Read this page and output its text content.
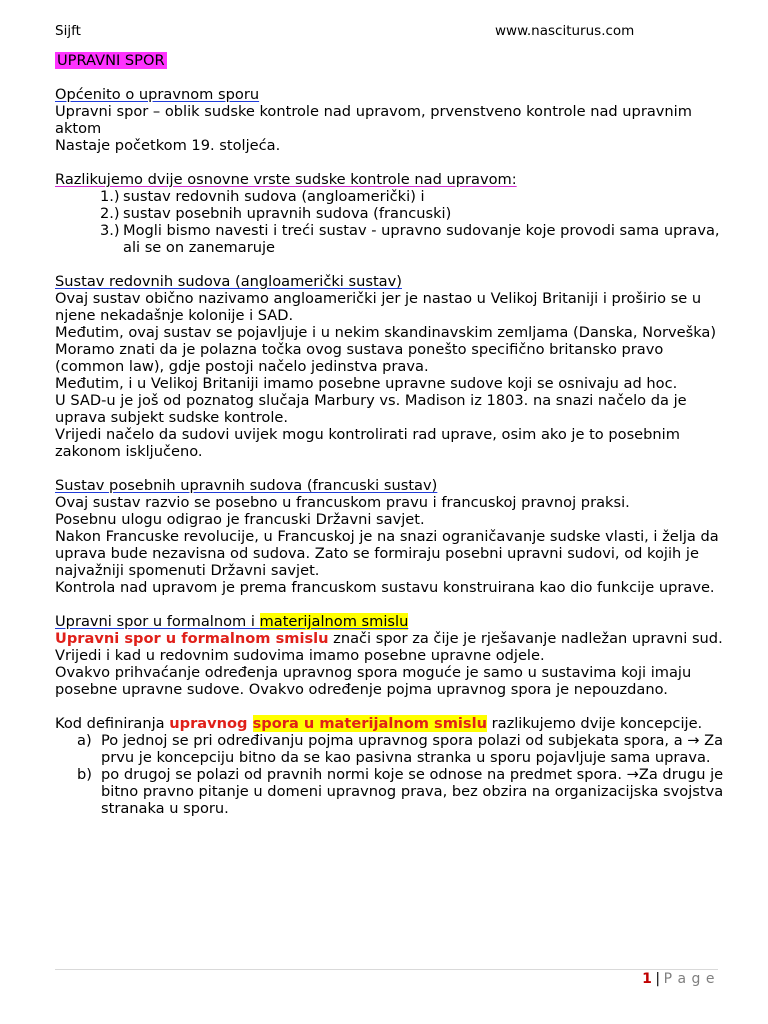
Sijft	www.nasciturus.com

UPRAVNI SPOR

Općenito o upravnom sporu

Upravni spor – oblik sudske kontrole nad upravom, prvenstveno kontrole nad upravnim aktom

Nastaje početkom 19. stoljeća.

Razlikujemo dvije osnovne vrste sudske kontrole nad upravom:

1.) sustav redovnih sudova (angloamerički) i
2.) sustav posebnih upravnih sudova (francuski)
3.) Mogli bismo navesti i treći sustav - upravno sudovanje koje provodi sama uprava, ali se on zanemaruje

Sustav redovnih sudova (angloamerički sustav)

Ovaj sustav obično nazivamo angloamerički jer je nastao u Velikoj Britaniji i proširio se u njene nekadašnje kolonije i SAD.

Međutim, ovaj sustav se pojavljuje i u nekim skandinavskim zemljama (Danska, Norveška)

Moramo znati da je polazna točka ovog sustava ponešto specifično britansko pravo (common law), gdje postoji načelo jedinstva prava.

Međutim, i u Velikoj Britaniji imamo posebne upravne sudove koji se osnivaju ad hoc.

U SAD-u je još od poznatog slučaja Marbury vs. Madison iz 1803. na snazi načelo da je uprava subjekt sudske kontrole.

Vrijedi načelo da sudovi uvijek mogu kontrolirati rad uprave, osim ako je to posebnim zakonom isključeno.

Sustav posebnih upravnih sudova (francuski sustav)

Ovaj sustav razvio se posebno u francuskom pravu i francuskoj pravnoj praksi.

Posebnu ulogu odigrao je francuski Državni savjet.

Nakon Francuske revolucije, u Francuskoj je na snazi ograničavanje sudske vlasti, i želja da uprava bude nezavisna od sudova. Zato se formiraju posebni upravni sudovi, od kojih je najvažniji spomenuti Državni savjet.

Kontrola nad upravom je prema francuskom sustavu konstruirana kao dio funkcije uprave.

Upravni spor u formalnom i materijalnom smislu

Upravni spor u formalnom smislu znači spor za čije je rješavanje nadležan upravni sud.

Vrijedi i kad u redovnim sudovima imamo posebne upravne odjele.

Ovakvo prihvaćanje određenja upravnog spora moguće je samo u sustavima koji imaju posebne upravne sudove. Ovakvo određenje pojma upravnog spora je nepouzdano.

Kod definiranja upravnog spora u materijalnom smislu razlikujemo dvije koncepcije.

a) Po jednoj se pri određivanju pojma upravnog spora polazi od subjekata spora, a → Za prvu je koncepciju bitno da se kao pasivna stranka u sporu pojavljuje sama uprava.
b) po drugoj se polazi od pravnih normi koje se odnose na predmet spora. →Za drugu je bitno pravno pitanje u domeni upravnog prava, bez obzira na organizacijska svojstva stranaka u sporu.
1 | P a g e
